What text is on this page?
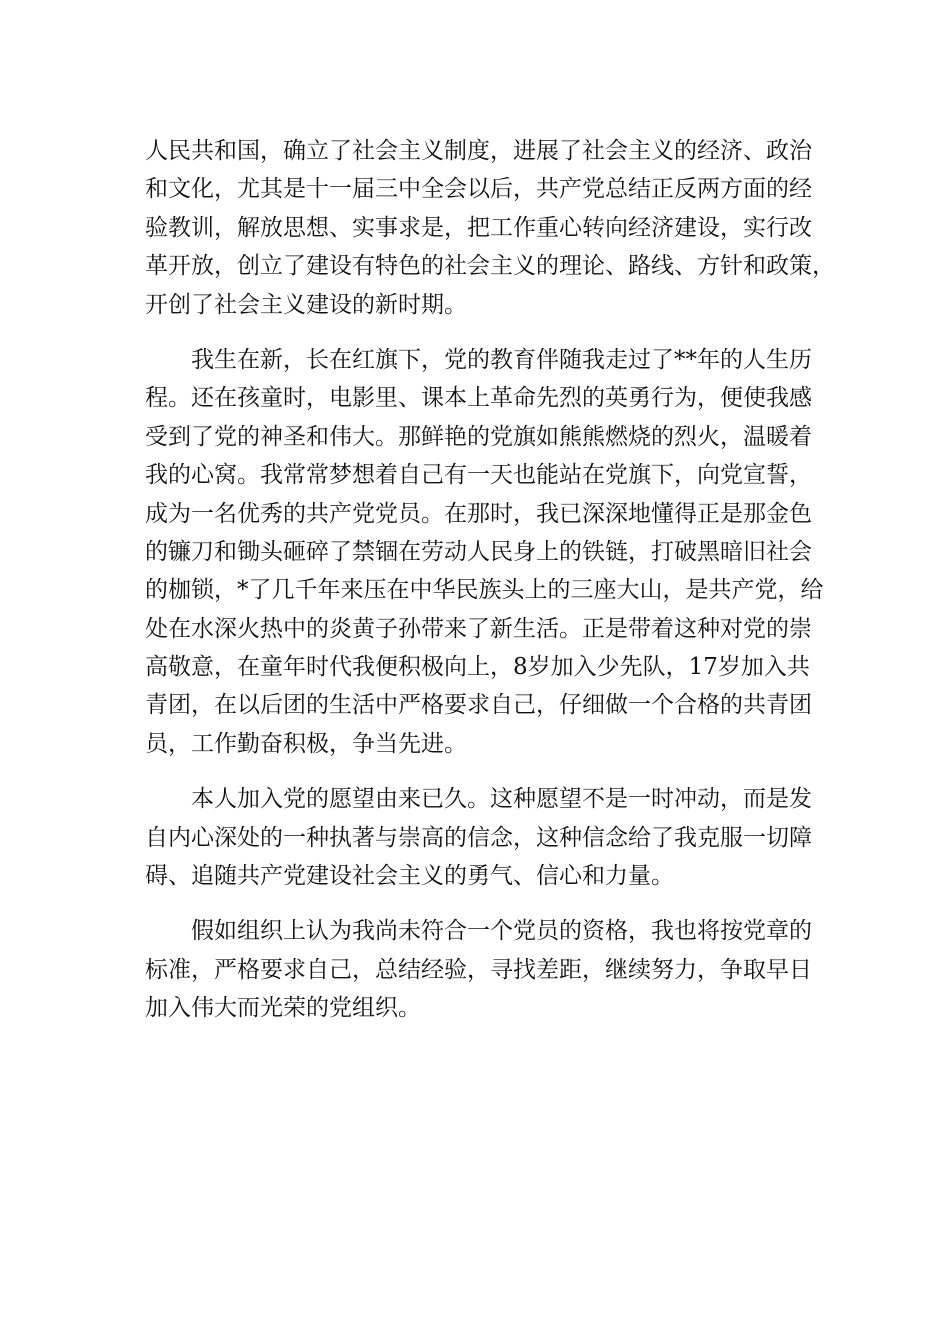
人民共和国，确立了社会主义制度，进展了社会主义的经济、政治
和文化，尤其是十一届三中全会以后，共产党总结正反两方面的经
验教训，解放思想、实事求是，把工作重心转向经济建设，实行改
革开放，创立了建设有特色的社会主义的理论、路线、方针和政策，
开创了社会主义建设的新时期。
　　我生在新，长在红旗下，党的教育伴随我走过了**年的人生历
程。还在孩童时，电影里、课本上革命先烈的英勇行为，便使我感
受到了党的神圣和伟大。那鲜艳的党旗如熊熊燃烧的烈火，温暖着
我的心窝。我常常梦想着自己有一天也能站在党旗下，向党宣誓，
成为一名优秀的共产党党员。在那时，我已深深地懂得正是那金色
的镰刀和锄头砸碎了禁锢在劳动人民身上的铁链，打破黑暗旧社会
的枷锁，*了几千年来压在中华民族头上的三座大山，是共产党，给
处在水深火热中的炎黄子孙带来了新生活。正是带着这种对党的崇
高敬意，在童年时代我便积极向上，8岁加入少先队，17岁加入共
青团，在以后团的生活中严格要求自己，仔细做一个合格的共青团
员，工作勤奋积极，争当先进。
　　本人加入党的愿望由来已久。这种愿望不是一时冲动，而是发
自内心深处的一种执著与崇高的信念，这种信念给了我克服一切障
碍、追随共产党建设社会主义的勇气、信心和力量。
　　假如组织上认为我尚未符合一个党员的资格，我也将按党章的
标准，严格要求自己，总结经验，寻找差距，继续努力，争取早日
加入伟大而光荣的党组织。
